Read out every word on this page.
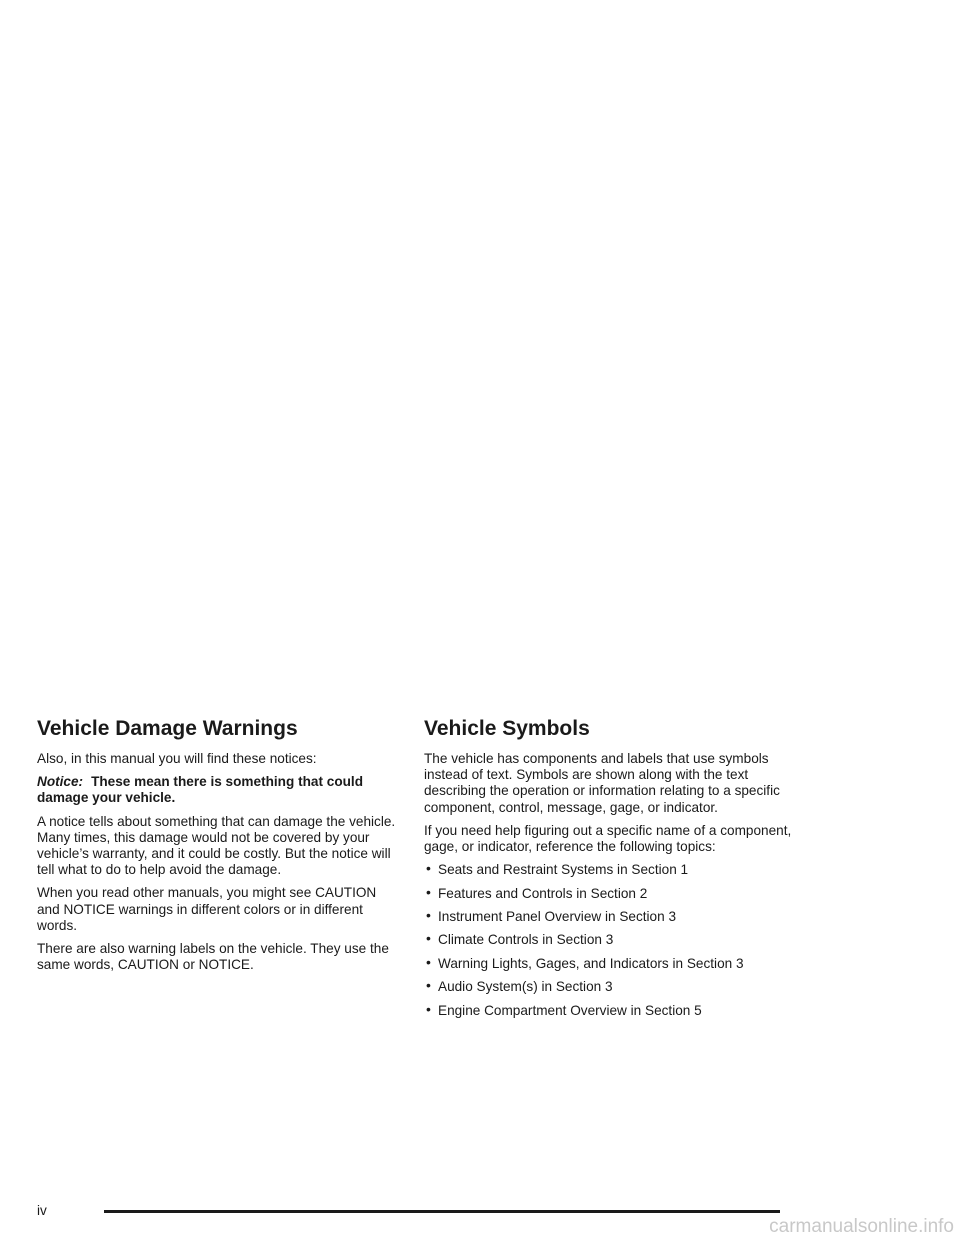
Vehicle Damage Warnings

Also, in this manual you will find these notices:

Notice: These mean there is something that could damage your vehicle.

A notice tells about something that can damage the vehicle. Many times, this damage would not be covered by your vehicle’s warranty, and it could be costly. But the notice will tell what to do to help avoid the damage.

When you read other manuals, you might see CAUTION and NOTICE warnings in different colors or in different words.

There are also warning labels on the vehicle. They use the same words, CAUTION or NOTICE.

Vehicle Symbols

The vehicle has components and labels that use symbols instead of text. Symbols are shown along with the text describing the operation or information relating to a specific component, control, message, gage, or indicator.

If you need help figuring out a specific name of a component, gage, or indicator, reference the following topics:

• Seats and Restraint Systems in Section 1
• Features and Controls in Section 2
• Instrument Panel Overview in Section 3
• Climate Controls in Section 3
• Warning Lights, Gages, and Indicators in Section 3
• Audio System(s) in Section 3
• Engine Compartment Overview in Section 5
iv
carmanualsonline.info
